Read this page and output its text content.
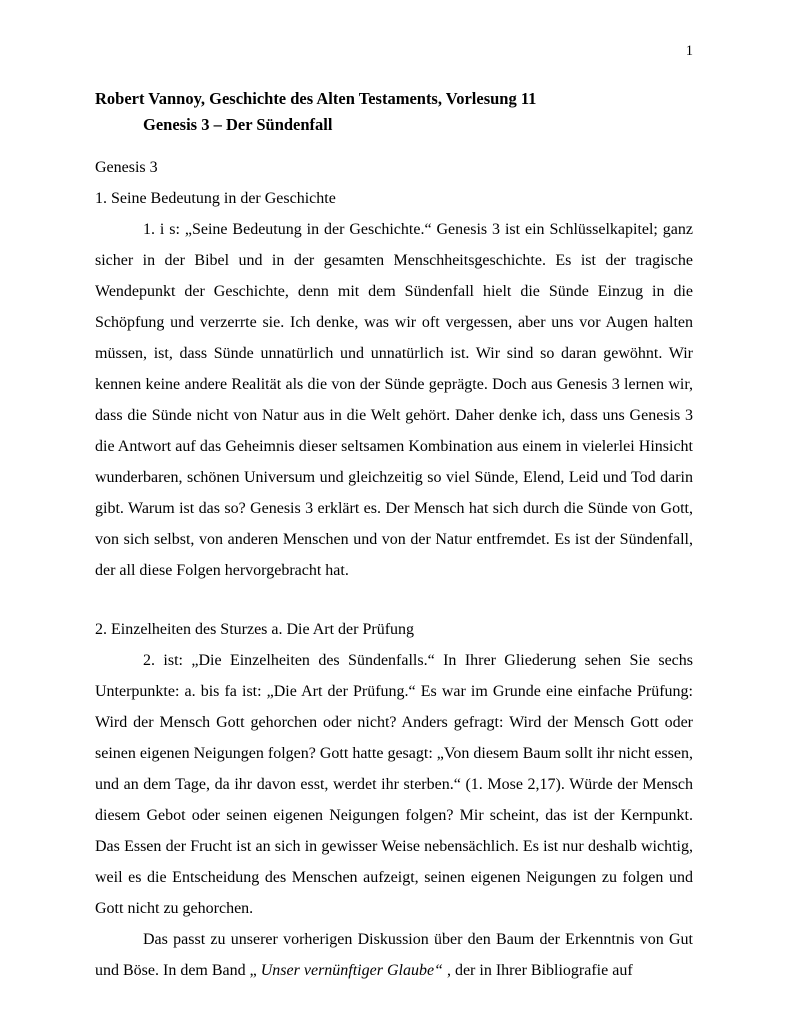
1
Robert Vannoy, Geschichte des Alten Testaments, Vorlesung 11
Genesis 3 – Der Sündenfall

Genesis 3

1. Seine Bedeutung in der Geschichte

1. i s: „Seine Bedeutung in der Geschichte.“ Genesis 3 ist ein Schlüsselkapitel; ganz sicher in der Bibel und in der gesamten Menschheitsgeschichte. Es ist der tragische Wendepunkt der Geschichte, denn mit dem Sündenfall hielt die Sünde Einzug in die Schöpfung und verzerrte sie. Ich denke, was wir oft vergessen, aber uns vor Augen halten müssen, ist, dass Sünde unnatürlich und unnatürlich ist. Wir sind so daran gewöhnt. Wir kennen keine andere Realität als die von der Sünde geprägte. Doch aus Genesis 3 lernen wir, dass die Sünde nicht von Natur aus in die Welt gehört. Daher denke ich, dass uns Genesis 3 die Antwort auf das Geheimnis dieser seltsamen Kombination aus einem in vielerlei Hinsicht wunderbaren, schönen Universum und gleichzeitig so viel Sünde, Elend, Leid und Tod darin gibt. Warum ist das so? Genesis 3 erklärt es. Der Mensch hat sich durch die Sünde von Gott, von sich selbst, von anderen Menschen und von der Natur entfremdet. Es ist der Sündenfall, der all diese Folgen hervorgebracht hat.

2. Einzelheiten des Sturzes a. Die Art der Prüfung

2. ist: „Die Einzelheiten des Sündenfalls.“ In Ihrer Gliederung sehen Sie sechs Unterpunkte: a. bis fa ist: „Die Art der Prüfung.“ Es war im Grunde eine einfache Prüfung: Wird der Mensch Gott gehorchen oder nicht? Anders gefragt: Wird der Mensch Gott oder seinen eigenen Neigungen folgen? Gott hatte gesagt: „Von diesem Baum sollt ihr nicht essen, und an dem Tage, da ihr davon esst, werdet ihr sterben.“ (1. Mose 2,17). Würde der Mensch diesem Gebot oder seinen eigenen Neigungen folgen? Mir scheint, das ist der Kernpunkt. Das Essen der Frucht ist an sich in gewisser Weise nebensächlich. Es ist nur deshalb wichtig, weil es die Entscheidung des Menschen aufzeigt, seinen eigenen Neigungen zu folgen und Gott nicht zu gehorchen.

Das passt zu unserer vorherigen Diskussion über den Baum der Erkenntnis von Gut und Böse. In dem Band „ Unser vernünftiger Glaube“ , der in Ihrer Bibliografie auf
